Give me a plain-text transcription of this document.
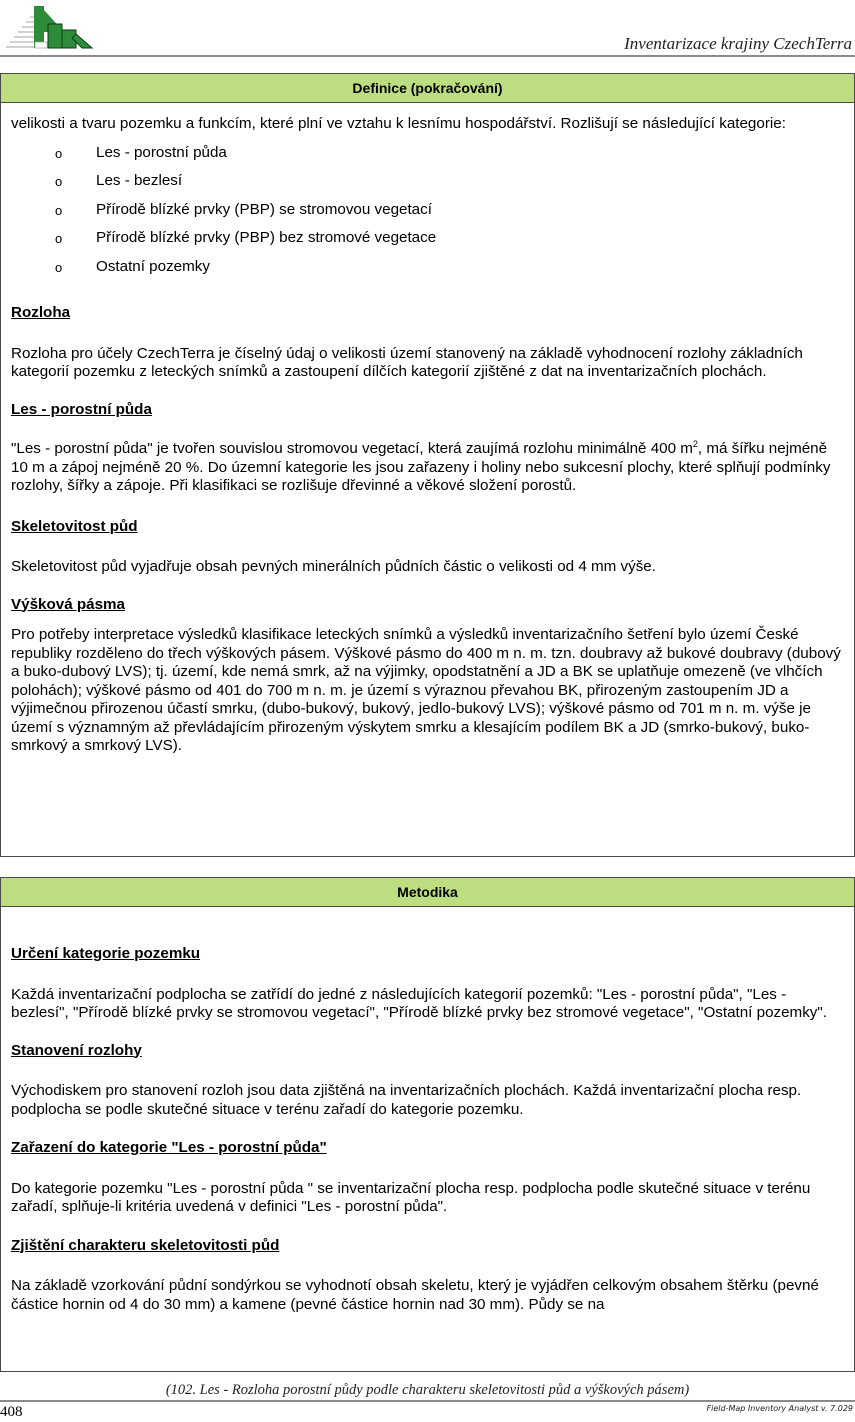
Inventarizace krajiny CzechTerra
Definice (pokračování)

velikosti a tvaru pozemku a funkcím, které plní ve vztahu k lesnímu hospodářství. Rozlišují se následující kategorie:

o Les - porostní půda
o Les - bezlesí
o Přírodě blízké prvky (PBP) se stromovou vegetací
o Přírodě blízké prvky (PBP) bez stromové vegetace
o Ostatní pozemky

Rozloha

Rozloha pro účely CzechTerra je číselný údaj o velikosti území stanovený na základě vyhodnocení rozlohy základních kategorií pozemku z leteckých snímků a zastoupení dílčích kategorií zjištěné z dat na inventarizačních plochách.

Les - porostní půda

"Les - porostní půda" je tvořen souvislou stromovou vegetací, která zaujímá rozlohu minimálně 400 $m^2$, má šířku nejméně 10 m a zápoj nejméně 20 %. Do územní kategorie les jsou zařazeny i holiny nebo sukcesní plochy, které splňují podmínky rozlohy, šířky a zápoje. Při klasifikaci se rozlišuje dřevinné a věkové složení porostů.

Skeletovitost půd

Skeletovitost půd vyjadřuje obsah pevných minerálních půdních částic o velikosti od 4 mm výše.

Výšková pásma

Pro potřeby interpretace výsledků klasifikace leteckých snímků a výsledků inventarizačního šetření bylo území České republiky rozděleno do třech výškových pásem. Výškové pásmo do 400 m n. m. tzn. doubravy až bukové doubravy (dubový a buko-dubový LVS); tj. území, kde nemá smrk, až na výjimky, opodstatnění a JD a BK se uplatňuje omezeně (ve vlhčích polohách); výškové pásmo od 401 do 700 m n. m. je území s výraznou převahou BK, přirozeným zastoupením JD a výjimečnou přirozenou účastí smrku, (dubo-bukový, bukový, jedlo-bukový LVS); výškové pásmo od 701 m n. m. výše je území s významným až převládajícím přirozeným výskytem smrku a klesajícím podílem BK a JD (smrko-bukový, buko-smrkový a smrkový LVS).

Metodika

Určení kategorie pozemku

Každá inventarizační podplocha se zatřídí do jedné z následujících kategorií pozemků: "Les - porostní půda", "Les - bezlesí", "Přírodě blízké prvky se stromovou vegetací", "Přírodě blízké prvky bez stromové vegetace", "Ostatní pozemky".

Stanovení rozlohy

Východiskem pro stanovení rozloh jsou data zjištěná na inventarizačních plochách. Každá inventarizační plocha resp. podplocha se podle skutečné situace v terénu zařadí do kategorie pozemku.

Zařazení do kategorie "Les - porostní půda"

Do kategorie pozemku "Les - porostní půda " se inventarizační plocha resp. podplocha podle skutečné situace v terénu zařadí, splňuje-li kritéria uvedená v definici "Les - porostní půda".

Zjištění charakteru skeletovitosti půd

Na základě vzorkování půdní sondýrkou se vyhodnotí obsah skeletu, který je vyjádřen celkovým obsahem štěrku (pevné částice hornin od 4 do 30 mm) a kamene (pevné částice hornin nad 30 mm). Půdy se na

(102. Les - Rozloha porostní půdy podle charakteru skeletovitosti půd a výškových pásem)
408	Field-Map Inventory Analyst v. 7.029
